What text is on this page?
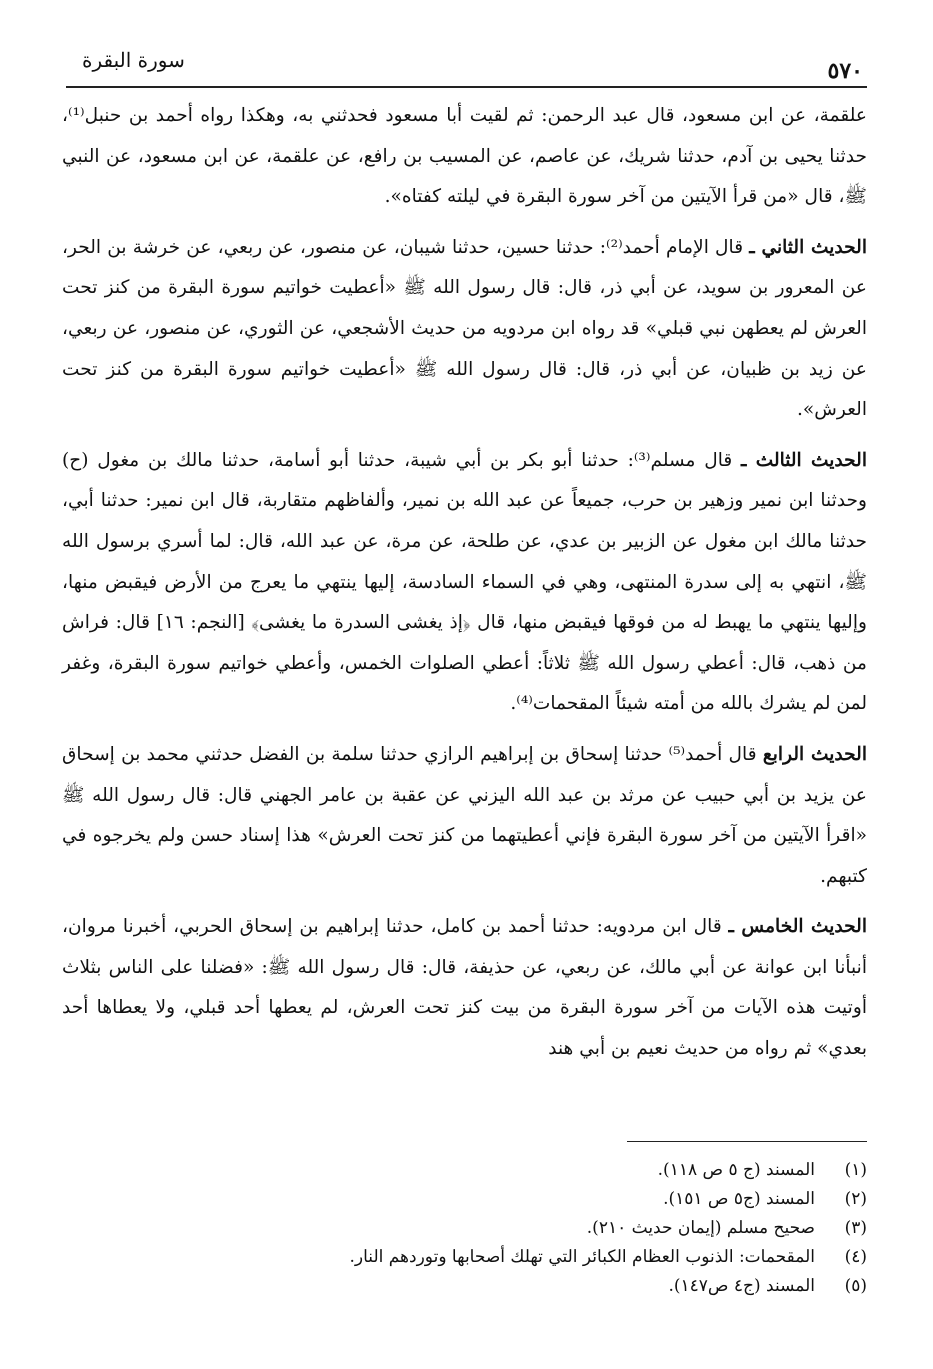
٥٧٠
سورة البقرة

علقمة، عن ابن مسعود، قال عبد الرحمن: ثم لقيت أبا مسعود فحدثني به، وهكذا رواه أحمد بن حنبل⁽¹⁾، حدثنا يحيى بن آدم، حدثنا شريك، عن عاصم، عن المسيب بن رافع، عن علقمة، عن ابن مسعود، عن النبي ﷺ، قال «من قرأ الآيتين من آخر سورة البقرة في ليلته كفتاه».

الحديث الثاني ـ قال الإمام أحمد⁽²⁾: حدثنا حسين، حدثنا شيبان، عن منصور، عن ربعي، عن خرشة بن الحر، عن المعرور بن سويد، عن أبي ذر، قال: قال رسول الله ﷺ «أعطيت خواتيم سورة البقرة من كنز تحت العرش لم يعطهن نبي قبلي» قد رواه ابن مردويه من حديث الأشجعي، عن الثوري، عن منصور، عن ربعي، عن زيد بن ظبيان، عن أبي ذر، قال: قال رسول الله ﷺ «أعطيت خواتيم سورة البقرة من كنز تحت العرش».

الحديث الثالث ـ قال مسلم⁽³⁾: حدثنا أبو بكر بن أبي شيبة، حدثنا أبو أسامة، حدثنا مالك بن مغول (ح) وحدثنا ابن نمير وزهير بن حرب، جميعاً عن عبد الله بن نمير، وألفاظهم متقاربة، قال ابن نمير: حدثنا أبي، حدثنا مالك ابن مغول عن الزبير بن عدي، عن طلحة، عن مرة، عن عبد الله، قال: لما أسري برسول الله ﷺ، انتهي به إلى سدرة المنتهى، وهي في السماء السادسة، إليها ينتهي ما يعرج من الأرض فيقبض منها، وإليها ينتهي ما يهبط له من فوقها فيقبض منها، قال ﴿إذ يغشى السدرة ما يغشى﴾ [النجم: ١٦] قال: فراش من ذهب، قال: أعطي رسول الله ﷺ ثلاثاً: أعطي الصلوات الخمس، وأعطي خواتيم سورة البقرة، وغفر لمن لم يشرك بالله من أمته شيئاً المقحمات⁽⁴⁾.

الحديث الرابع قال أحمد⁽⁵⁾ حدثنا إسحاق بن إبراهيم الرازي حدثنا سلمة بن الفضل حدثني محمد بن إسحاق عن يزيد بن أبي حبيب عن مرثد بن عبد الله اليزني عن عقبة بن عامر الجهني قال: قال رسول الله ﷺ «اقرأ الآيتين من آخر سورة البقرة فإني أعطيتهما من كنز تحت العرش» هذا إسناد حسن ولم يخرجوه في كتبهم.

الحديث الخامس ـ قال ابن مردويه: حدثنا أحمد بن كامل، حدثنا إبراهيم بن إسحاق الحربي، أخبرنا مروان، أنبأنا ابن عوانة عن أبي مالك، عن ربعي، عن حذيفة، قال: قال رسول الله ﷺ: «فضلنا على الناس بثلاث أوتيت هذه الآيات من آخر سورة البقرة من بيت كنز تحت العرش، لم يعطها أحد قبلي، ولا يعطاها أحد بعدي» ثم رواه من حديث نعيم بن أبي هند

(١)
المسند (ج ٥ ص ١١٨).

(٢)
المسند (ج٥ ص ١٥١).

(٣)
صحيح مسلم (إيمان حديث ٢١٠).

(٤)
المقحمات: الذنوب العظام الكبائر التي تهلك أصحابها وتوردهم النار.

(٥)
المسند (ج٤ ص١٤٧).
